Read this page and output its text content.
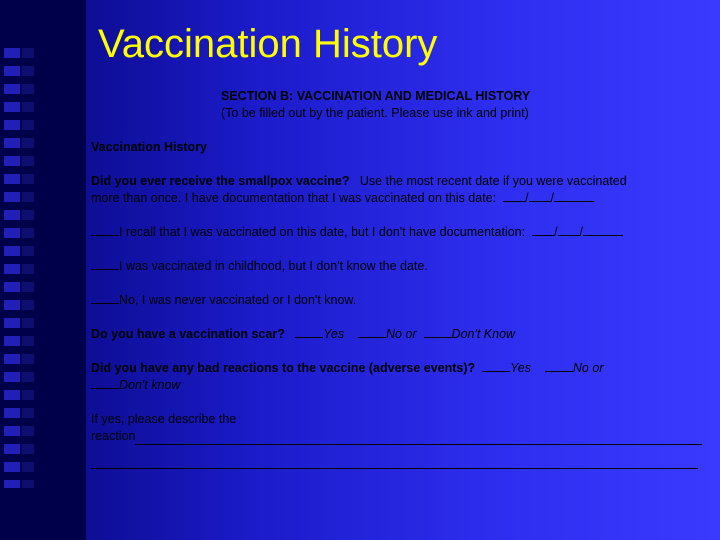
Vaccination History
SECTION B: VACCINATION AND MEDICAL HISTORY
(To be filled out by the patient. Please use ink and print)
Vaccination History
Did you ever receive the smallpox vaccine? Use the most recent date if you were vaccinated
more than once. I have documentation that I was vaccinated on this date: / /
I recall that I was vaccinated on this date, but I don't have documentation: / /
I was vaccinated in childhood, but I don't know the date.
No, I was never vaccinated or I don't know.
Do you have a vaccination scar?	Yes	No or	Don't Know
Did you have any bad reactions to the vaccine (adverse events)?	Yes	No or
Don't know
If yes, please describe the
reaction
